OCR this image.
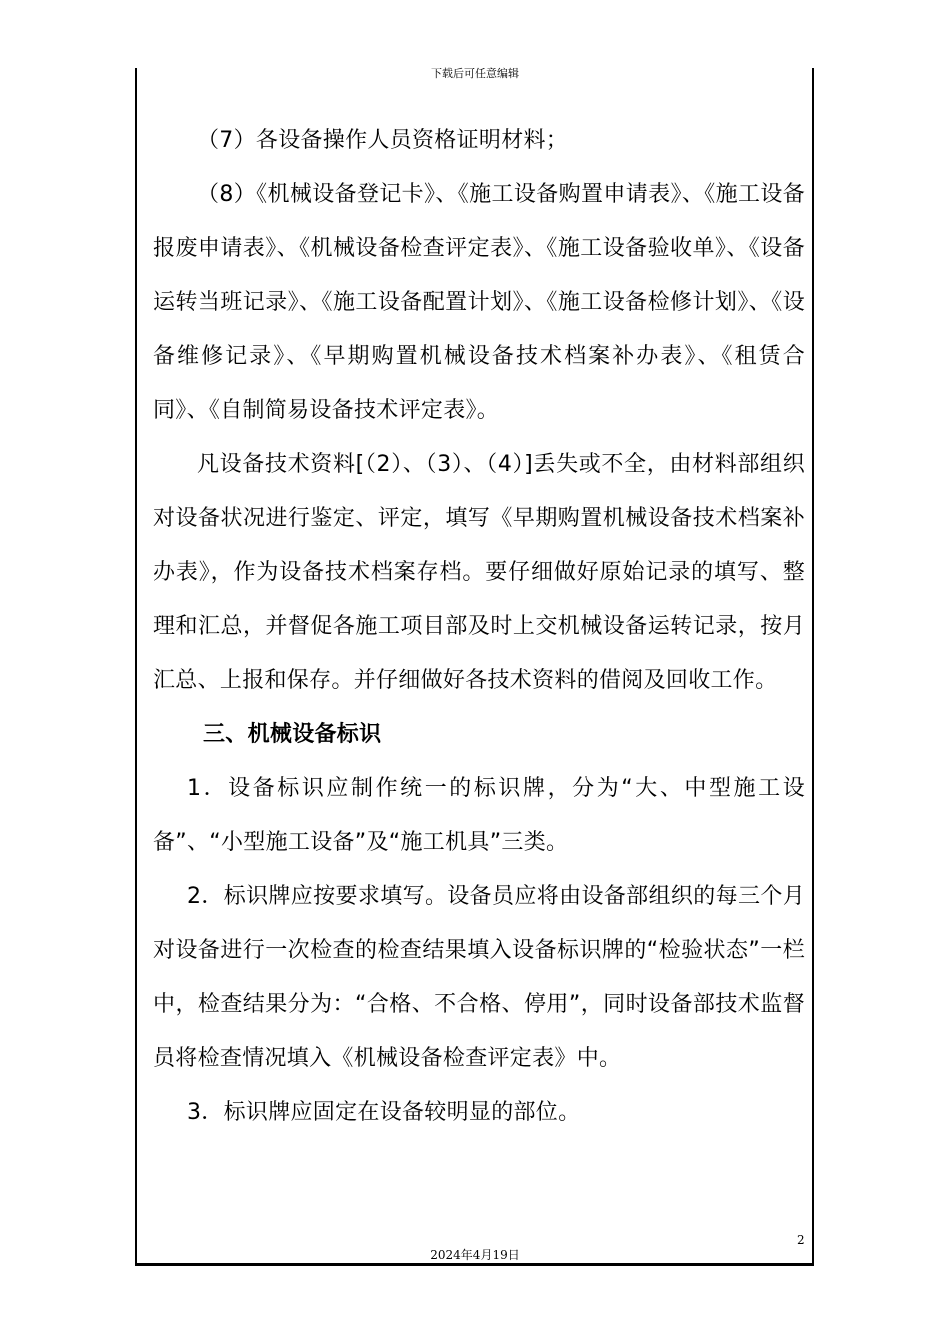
下载后可任意编辑

（7）各设备操作人员资格证明材料；

（8）《机械设备登记卡》、《施工设备购置申请表》、《施工设备报废申请表》、《机械设备检查评定表》、《施工设备验收单》、《设备运转当班记录》、《施工设备配置计划》、《施工设备检修计划》、《设备维修记录》、《早期购置机械设备技术档案补办表》、《租赁合同》、《自制简易设备技术评定表》。

凡设备技术资料[（2）、（3）、（4）]丢失或不全，由材料部组织对设备状况进行鉴定、评定，填写《早期购置机械设备技术档案补办表》，作为设备技术档案存档。要仔细做好原始记录的填写、整理和汇总，并督促各施工项目部及时上交机械设备运转记录，按月汇总、上报和保存。并仔细做好各技术资料的借阅及回收工作。

三、机械设备标识

1．设备标识应制作统一的标识牌，分为“大、中型施工设备”、“小型施工设备”及“施工机具”三类。

2．标识牌应按要求填写。设备员应将由设备部组织的每三个月对设备进行一次检查的检查结果填入设备标识牌的“检验状态”一栏中，检查结果分为：“合格、不合格、停用”，同时设备部技术监督员将检查情况填入《机械设备检查评定表》中。

3．标识牌应固定在设备较明显的部位。

2
2024年4月19日
